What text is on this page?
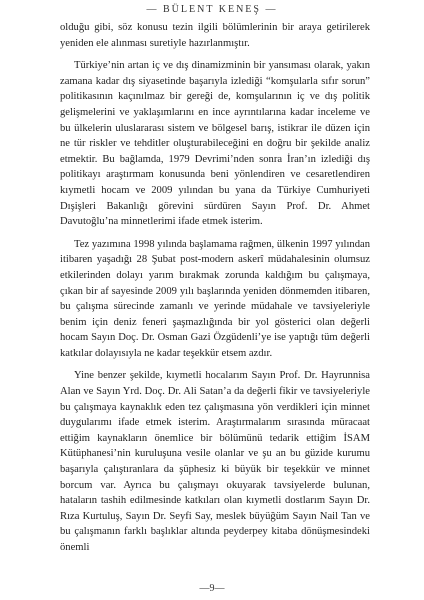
— BÜLENT KENEŞ —

olduğu gibi, söz konusu tezin ilgili bölümlerinin bir araya getirilerek yeniden ele alınması suretiyle hazırlanmıştır.

Türkiye’nin artan iç ve dış dinamizminin bir yansıması olarak, yakın zamana kadar dış siyasetinde başarıyla izlediği “komşularla sıfır sorun” politikasının kaçınılmaz bir gereği de, komşularının iç ve dış politik gelişmelerini ve yaklaşımlarını en ince ayrıntılarına kadar inceleme ve bu ülkelerin uluslararası sistem ve bölgesel barış, istikrar ile düzen için ne tür riskler ve tehditler oluşturabileceğini en doğru bir şekilde analiz etmektir. Bu bağlamda, 1979 Devrimi’nden sonra İran’ın izlediği dış politikayı araştırmam konusunda beni yönlendiren ve cesaretlendiren kıymetli hocam ve 2009 yılından bu yana da Türkiye Cumhuriyeti Dışişleri Bakanlığı görevini sürdüren Sayın Prof. Dr. Ahmet Davutoğlu’na minnetlerimi ifade etmek isterim.

Tez yazımına 1998 yılında başlamama rağmen, ülkenin 1997 yılından itibaren yaşadığı 28 Şubat post-modern askerî müdahalesinin olumsuz etkilerinden dolayı yarım bırakmak zorunda kaldığım bu çalışmaya, çıkan bir af sayesinde 2009 yılı başlarında yeniden dönmemden itibaren, bu çalışma sürecinde zamanlı ve yerinde müdahale ve tavsiyeleriyle benim için deniz feneri şaşmazlığında bir yol gösterici olan değerli hocam Sayın Doç. Dr. Osman Gazi Özgüdenli’ye ise yaptığı tüm değerli katkılar dolayısıyla ne kadar teşekkür etsem azdır.

Yine benzer şekilde, kıymetli hocalarım Sayın Prof. Dr. Hayrunnisa Alan ve Sayın Yrd. Doç. Dr. Ali Satan’a da değerli fikir ve tavsiyeleriyle bu çalışmaya kaynaklık eden tez çalışmasına yön verdikleri için minnet duygularımı ifade etmek isterim. Araştırmalarım sırasında müracaat ettiğim kaynakların önemlice bir bölümünü tedarik ettiğim İSAM Kütüphanesi’nin kuruluşuna vesile olanlar ve şu an bu güzide kurumu başarıyla çalıştıranlara da şüphesiz ki büyük bir teşekkür ve minnet borcum var. Ayrıca bu çalışmayı okuyarak tavsiyelerde bulunan, hataların tashih edilmesinde katkıları olan kıymetli dostlarım Sayın Dr. Rıza Kurtuluş, Sayın Dr. Seyfi Say, meslek büyüğüm Sayın Nail Tan ve bu çalışmanın farklı başlıklar altında peyderpey kitaba dönüşmesindeki önemli

—9—
